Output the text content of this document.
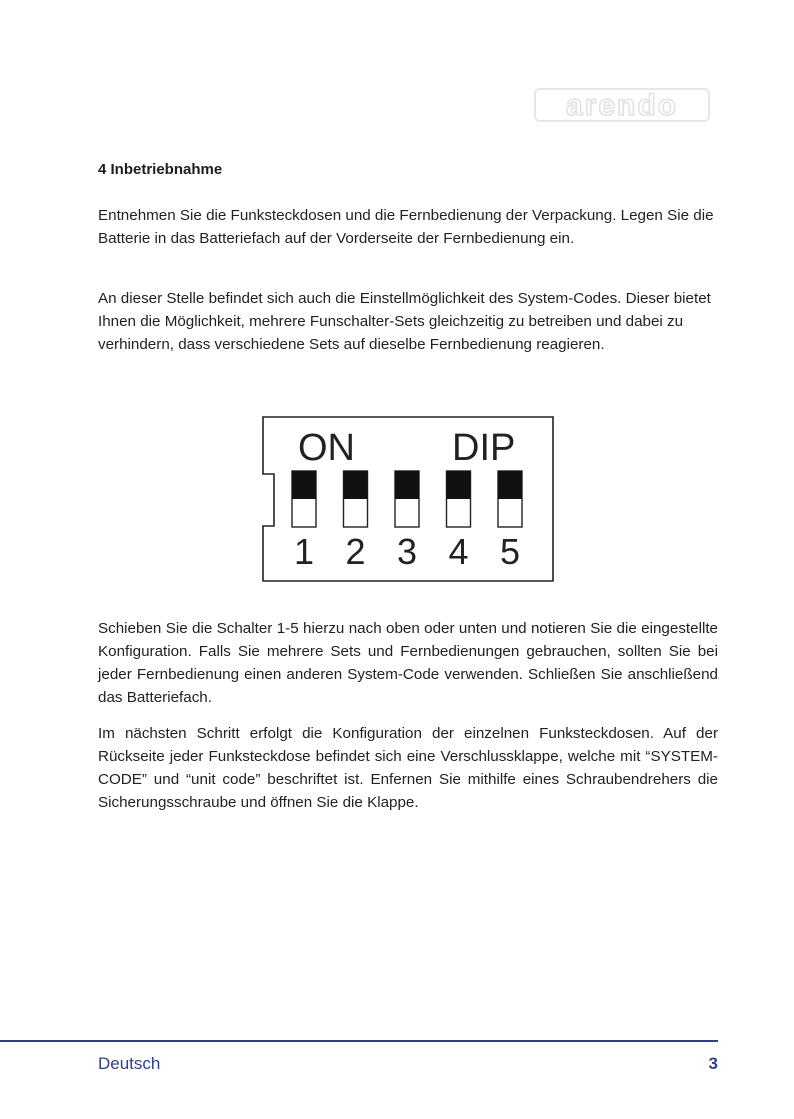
arendo
4 Inbetriebnahme

Entnehmen Sie die Funksteckdosen und die Fernbedienung der Verpackung. Legen Sie die Batterie in das Batteriefach auf der Vorderseite der Fernbedienung ein.

An dieser Stelle befindet sich auch die Einstellmöglichkeit des System-Codes. Dieser bietet Ihnen die Möglichkeit, mehrere Funschalter-Sets gleichzeitig zu betreiben und dabei zu verhindern, dass verschiedene Sets auf dieselbe Fernbedienung reagieren.

ON	DIP
1 2 3 4 5

Schieben Sie die Schalter 1-5 hierzu nach oben oder unten und notieren Sie die eingestellte Konfiguration. Falls Sie mehrere Sets und Fernbedienungen gebrauchen, sollten Sie bei jeder Fernbedienung einen anderen System-Code verwenden. Schließen Sie anschließend das Batteriefach.

Im nächsten Schritt erfolgt die Konfiguration der einzelnen Funksteckdosen. Auf der Rückseite jeder Funksteckdose befindet sich eine Verschlussklappe, welche mit “SYSTEM-CODE” und “unit code” beschriftet ist. Enfernen Sie mithilfe eines Schraubendrehers die Sicherungsschraube und öffnen Sie die Klappe.

Deutsch	3
